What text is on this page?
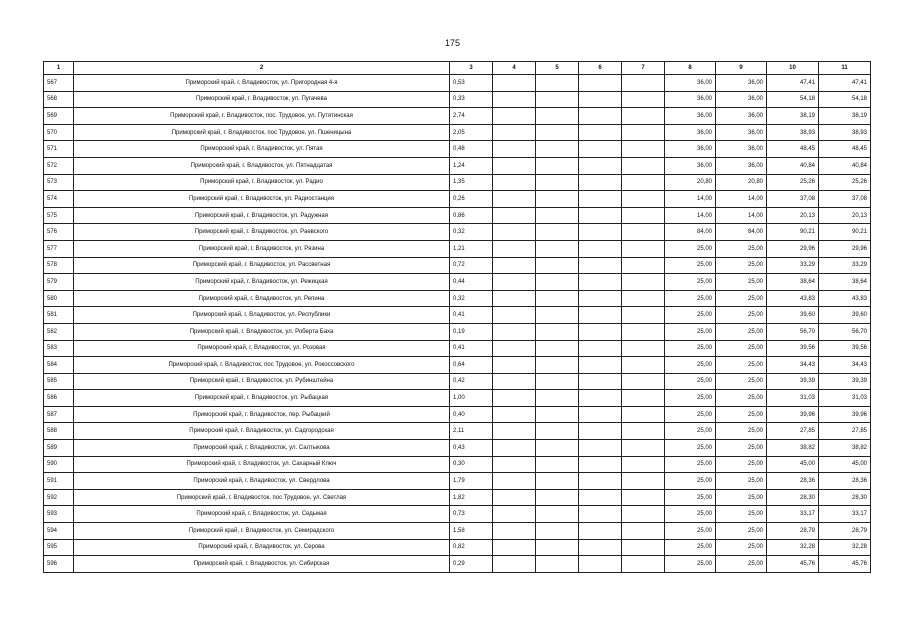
175
1	2	3	4	5	6	7	8	9	10	11
567	Приморский край, г. Владивосток, ул. Пригородная 4-я	0,53					36,00	36,00	47,41	47,41
568	Приморский край, г. Владивосток, ул. Пугачева	0,33					36,00	36,00	54,18	54,18
569	Приморский край, г. Владивосток, пос. Трудовое, ул. Путятинская	2,74					36,00	36,00	38,19	38,19
570	Приморский край, г. Владивосток, пос Трудовое, ул. Пшеницына	2,05					36,00	36,00	38,93	38,93
571	Приморский край, г. Владивосток, ул. Пятая	0,48					36,00	36,00	48,45	48,45
572	Приморский край, г. Владивосток, ул. Пятнадцатая	1,24					36,00	36,00	40,84	40,84
573	Приморский край, г. Владивосток, ул. Радио	1,35					20,80	20,80	25,26	25,26
574	Приморский край, г. Владивосток, ул. Радиостанция	0,26					14,00	14,00	37,08	37,08
575	Приморский край, г. Владивосток, ул. Радужная	0,86					14,00	14,00	20,13	20,13
576	Приморский край, г. Владивосток, ул. Раевского	0,32					84,00	84,00	90,21	90,21
577	Приморский край, г. Владивосток, ул. Рязина	1,21					25,00	25,00	29,96	29,96
578	Приморский край, г. Владивосток, ул. Рассветная	0,72					25,00	25,00	33,29	33,29
579	Приморский край, г. Владивосток, ул. Режицкая	0,44					25,00	25,00	38,64	38,64
580	Приморский край, г. Владивосток, ул. Репина	0,32					25,00	25,00	43,83	43,83
581	Приморский край, г. Владивосток, ул. Республики	0,41					25,00	25,00	39,60	39,60
582	Приморский край, г. Владивосток, ул. Роберта Баха	0,19					25,00	25,00	56,70	56,70
583	Приморский край, г. Владивосток, ул. Розовая	0,41					25,00	25,00	39,56	39,56
584	Приморский край, г. Владивосток, пос Трудовое, ул. Рокоссовского	0,64					25,00	25,00	34,43	34,43
585	Приморский край, г. Владивосток, ул. Рубинштейна	0,42					25,00	25,00	39,39	39,39
586	Приморский край, г. Владивосток, ул. Рыбацкая	1,00					25,00	25,00	31,03	31,03
587	Приморский край, г. Владивосток, пер. Рыбацкий	0,40					25,00	25,00	39,96	39,96
588	Приморский край, г. Владивосток, ул. Садгородская	2,11					25,00	25,00	27,85	27,85
589	Приморский край, г. Владивосток, ул. Салтыкова	0,43					25,00	25,00	38,82	38,82
590	Приморский край, г. Владивосток, ул. Сахарный Ключ	0,30					25,00	25,00	45,00	45,00
591	Приморский край, г. Владивосток, ул. Свердлова	1,79					25,00	25,00	28,36	28,36
592	Приморский край, г. Владивосток, пос Трудовое, ул. Светлая	1,82					25,00	25,00	28,30	28,30
593	Приморский край, г. Владивосток, ул. Седьмая	0,73					25,00	25,00	33,17	33,17
594	Приморский край, г. Владивосток, ул. Семирадского	1,58					25,00	25,00	28,79	28,79
595	Приморский край, г. Владивосток, ул. Серова	0,82					25,00	25,00	32,28	32,28
596	Приморский край, г. Владивосток, ул. Сибирская	0,29					25,00	25,00	45,76	45,76
